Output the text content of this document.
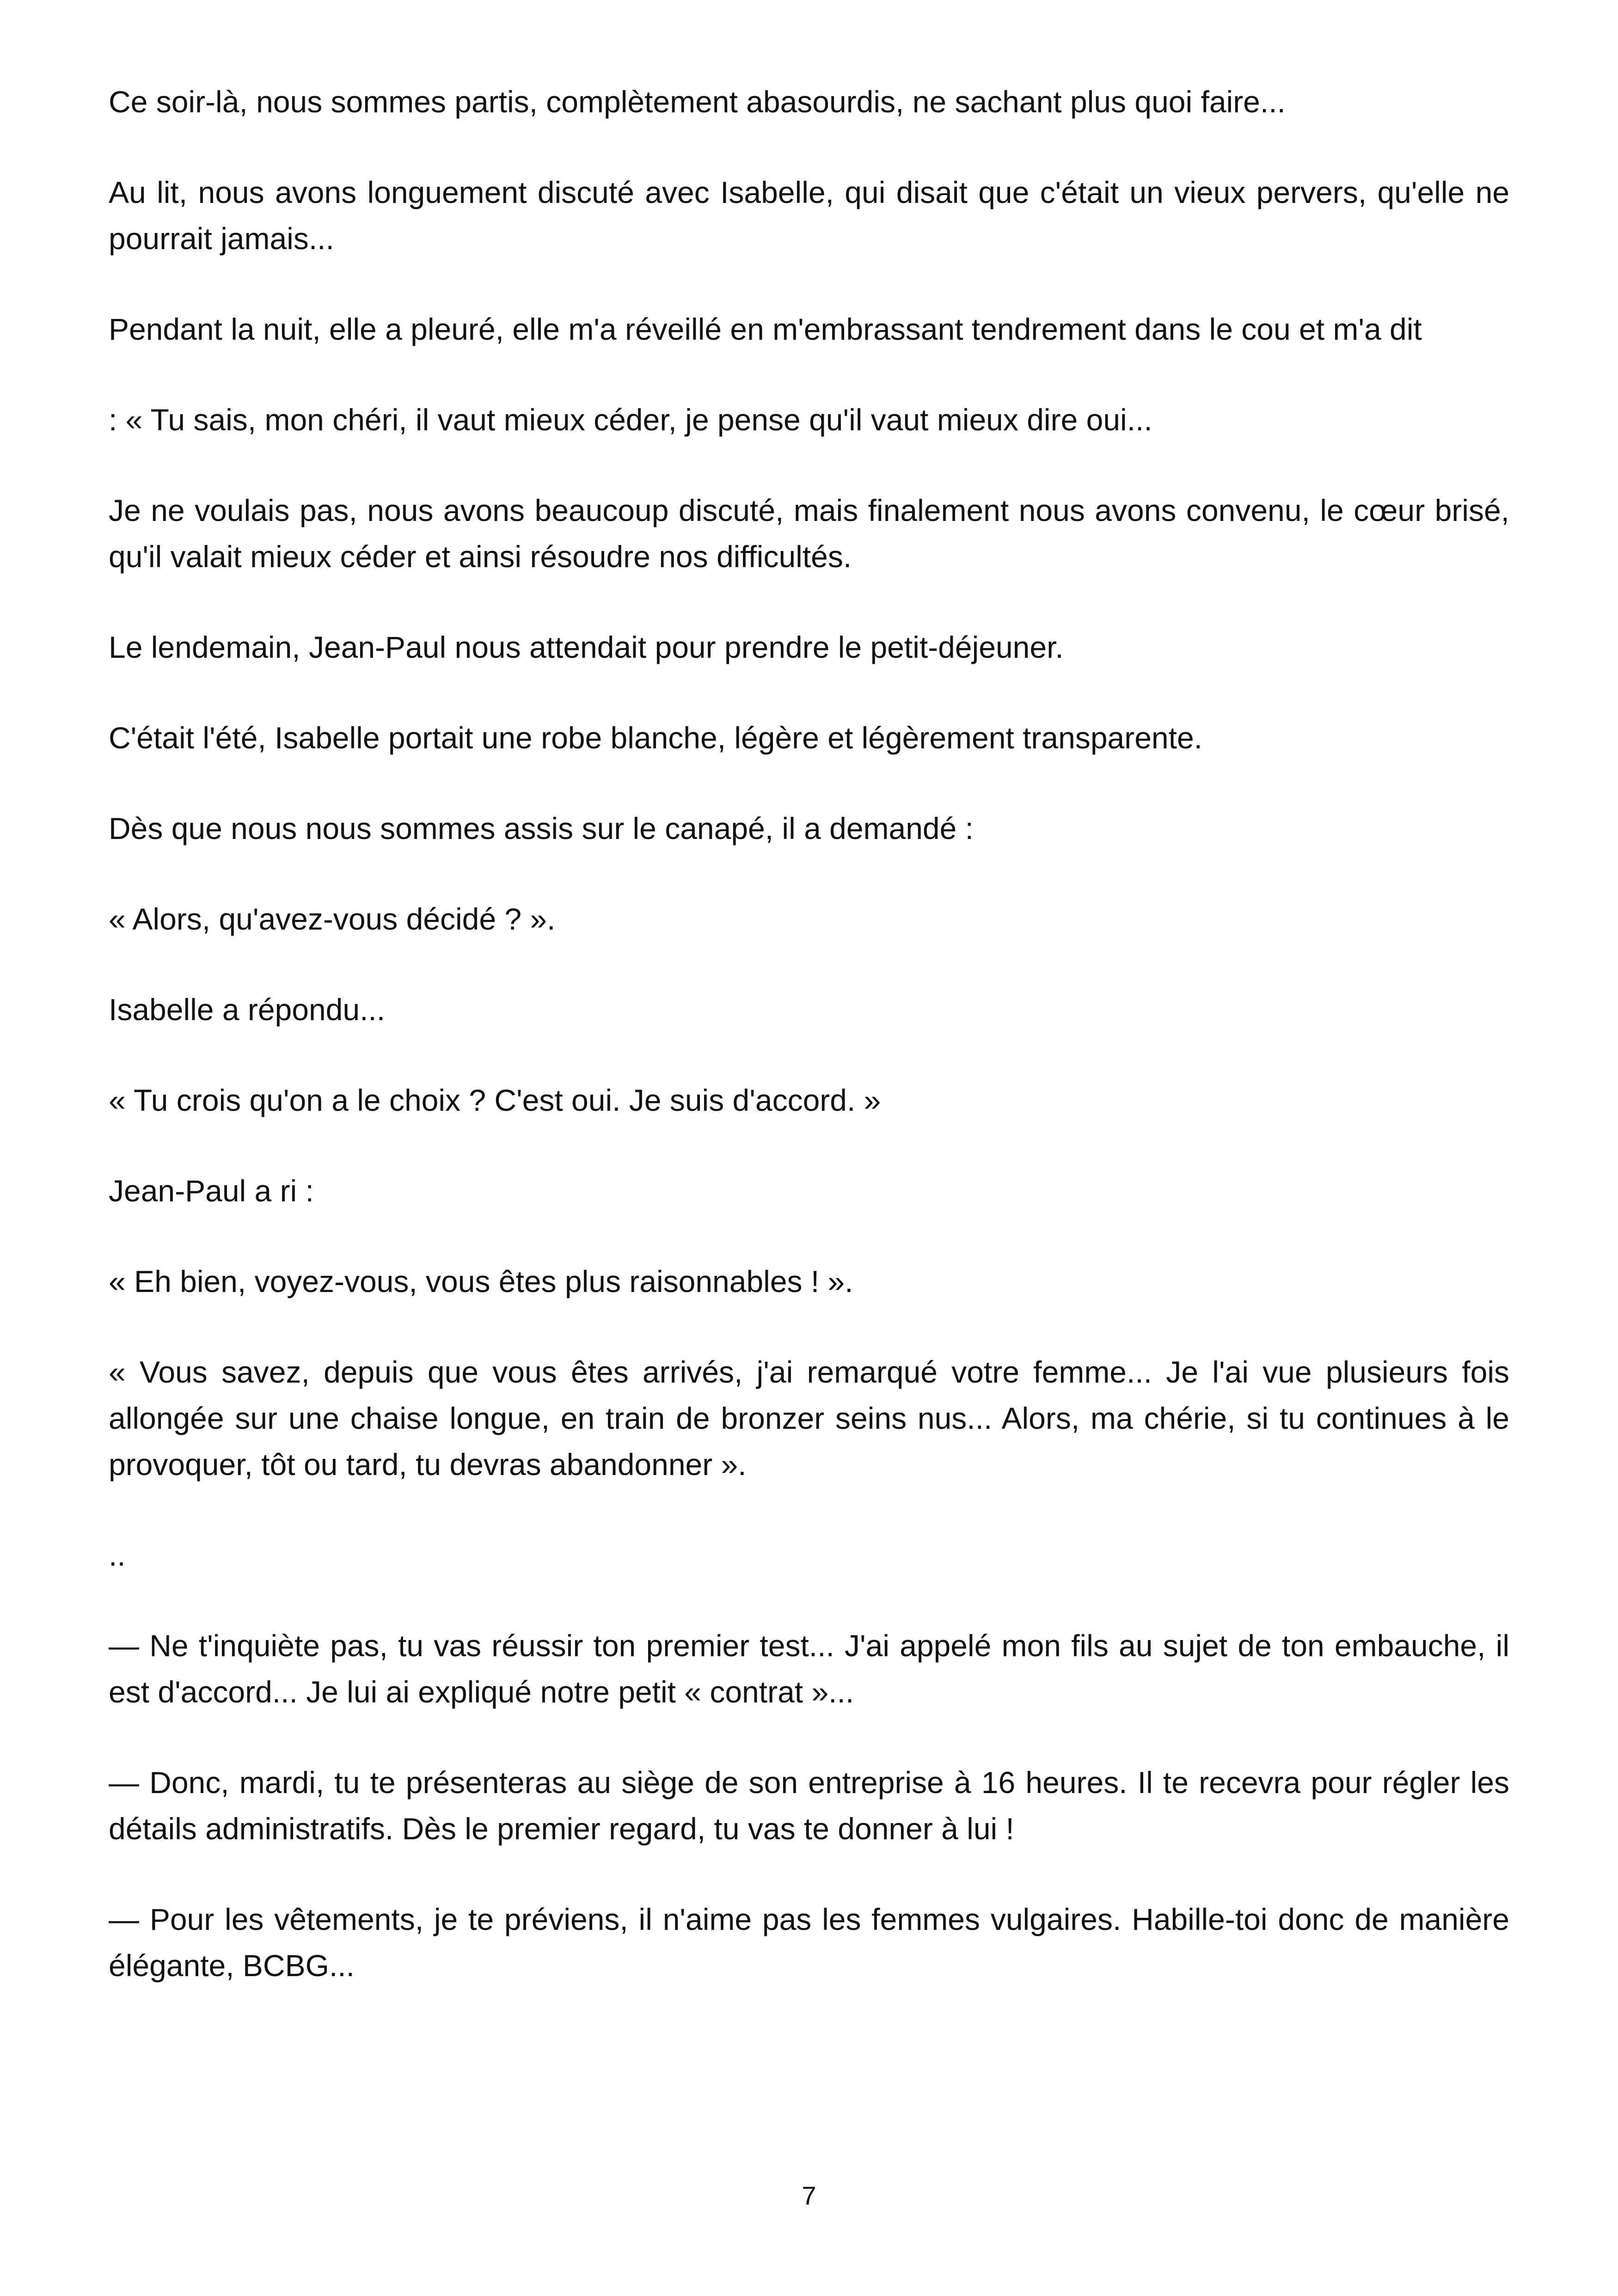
Ce soir-là, nous sommes partis, complètement abasourdis, ne sachant plus quoi faire...

Au lit, nous avons longuement discuté avec Isabelle, qui disait que c'était un vieux pervers, qu'elle ne pourrait jamais...

Pendant la nuit, elle a pleuré, elle m'a réveillé en m'embrassant tendrement dans le cou et m'a dit

: « Tu sais, mon chéri, il vaut mieux céder, je pense qu'il vaut mieux dire oui...

Je ne voulais pas, nous avons beaucoup discuté, mais finalement nous avons convenu, le cœur brisé, qu'il valait mieux céder et ainsi résoudre nos difficultés.

Le lendemain, Jean-Paul nous attendait pour prendre le petit-déjeuner.

C'était l'été, Isabelle portait une robe blanche, légère et légèrement transparente.

Dès que nous nous sommes assis sur le canapé, il a demandé :

« Alors, qu'avez-vous décidé ? ».

Isabelle a répondu...

« Tu crois qu'on a le choix ? C'est oui. Je suis d'accord. »

Jean-Paul a ri :

« Eh bien, voyez-vous, vous êtes plus raisonnables ! ».

« Vous savez, depuis que vous êtes arrivés, j'ai remarqué votre femme... Je l'ai vue plusieurs fois allongée sur une chaise longue, en train de bronzer seins nus... Alors, ma chérie, si tu continues à le provoquer, tôt ou tard, tu devras abandonner ».

..

— Ne t'inquiète pas, tu vas réussir ton premier test... J'ai appelé mon fils au sujet de ton embauche, il est d'accord... Je lui ai expliqué notre petit « contrat »...

— Donc, mardi, tu te présenteras au siège de son entreprise à 16 heures. Il te recevra pour régler les détails administratifs. Dès le premier regard, tu vas te donner à lui !

— Pour les vêtements, je te préviens, il n'aime pas les femmes vulgaires. Habille-toi donc de manière élégante, BCBG...

7
